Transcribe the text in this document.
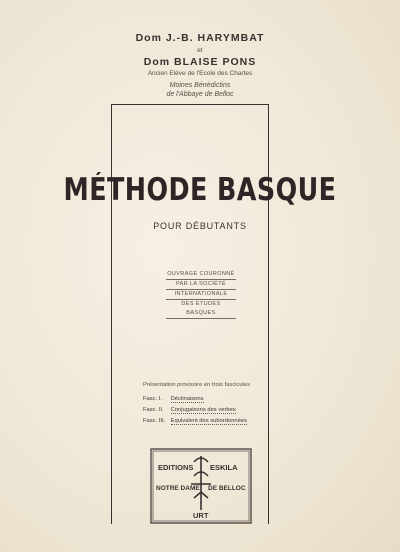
Dom J.-B. HARYMBAT
et
Dom BLAISE PONS
Ancien Elève de l'Ecole des Chartes
Moines Bénédictins
de l'Abbaye de Belloc
MÉTHODE BASQUE
POUR DÉBUTANTS
OUVRAGE COURONNÉ
PAR LA SOCIÉTÉ
INTERNATIONALE
DES ÉTUDES BASQUES
Présentation provisoire en trois fascicules
Fasc. I. Déclinaisons
Fasc. II. Conjugaisons des verbes
Fasc. III. Equivalent des subordonnées
EDITIONS ESKILA
NOTRE DAME DE BELLOC
URT
